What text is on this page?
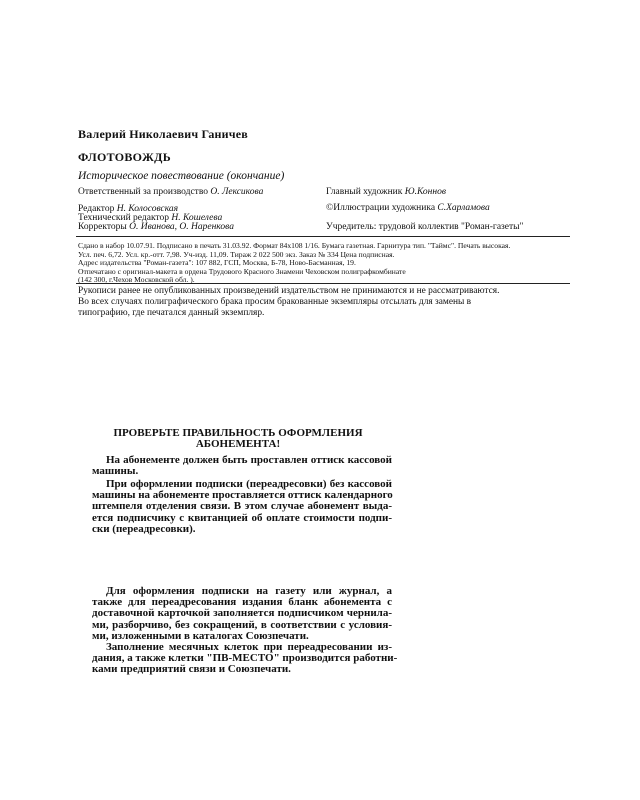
Валерий Николаевич Ганичев
ФЛОТОВОЖДЬ
Историческое повествование (окончание)
Ответственный за производство О. Лексикова
Редактор Н. Колосовская
Технический редактор Н. Кошелева
Корректоры О. Иванова, О. Наренкова
Главный художник Ю.Коннов
©Иллюстрации художника С.Харламова
Учредитель: трудовой коллектив "Роман-газеты"
Сдано в набор 10.07.91. Подписано в печать 31.03.92. Формат 84x108 1/16. Бумага газетная. Гарнитура тип. "Таймс". Печать высокая.
Усл. печ. 6,72. Усл. кр.-отт. 7,98. Уч-изд. 11,09. Тираж 2 022 500 экз. Заказ № 334 Цена подписная.
Адрес издательства "Роман-газета": 107 882, ГСП, Москва, Б-78, Ново-Басманная, 19.
Отпечатано с оригинал-макета в ордена Трудового Красного Знамени Чеховском полиграфкомбинате
(142 300, г.Чехов Московской обл. ).
Рукописи ранее не опубликованных произведений издательством не принимаются и не рассматриваются.
Во всех случаях полиграфического брака просим бракованные экземпляры отсылать для замены в
типографию, где печатался данный экземпляр.
ПРОВЕРЬТЕ ПРАВИЛЬНОСТЬ ОФОРМЛЕНИЯ
АБОНЕМЕНТА!
На абонементе должен быть проставлен оттиск кассовой
машины.
При оформлении подписки (переадресовки) без кассовой
машины на абонементе проставляется оттиск календарного
штемпеля отделения связи. В этом случае абонемент выда-
ется подписчику с квитанцией об оплате стоимости подпи-
ски (переадресовки).
Для оформления подписки на газету или журнал, а
также для переадресования издания бланк абонемента с
доставочной карточкой заполняется подписчиком чернила-
ми, разборчиво, без сокращений, в соответствии с условия-
ми, изложенными в каталогах Союзпечати.
Заполнение месячных клеток при переадресовании из-
дания, а также клетки "ПВ-МЕСТО" производится работни-
ками предприятий связи и Союзпечати.
